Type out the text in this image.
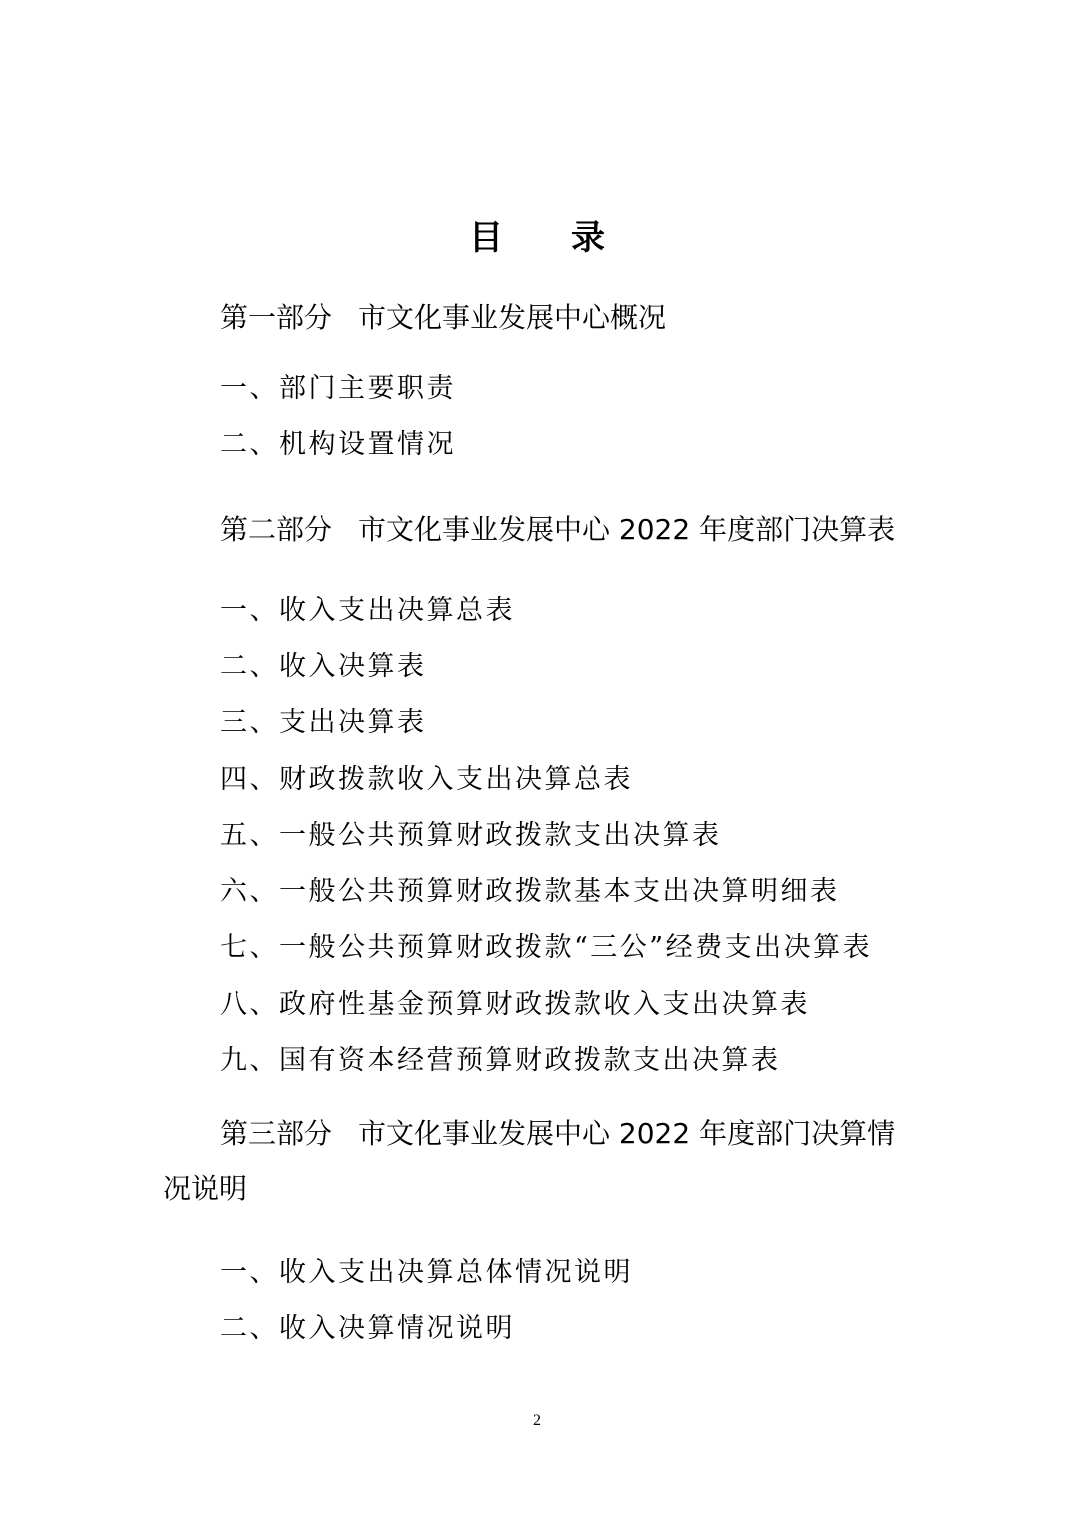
目录
第一部分 市文化事业发展中心概况
一、部门主要职责
二、机构设置情况
第二部分 市文化事业发展中心 2022 年度部门决算表
一、收入支出决算总表
二、收入决算表
三、支出决算表
四、财政拨款收入支出决算总表
五、一般公共预算财政拨款支出决算表
六、一般公共预算财政拨款基本支出决算明细表
七、一般公共预算财政拨款“三公”经费支出决算表
八、政府性基金预算财政拨款收入支出决算表
九、国有资本经营预算财政拨款支出决算表
第三部分 市文化事业发展中心 2022 年度部门决算情况说明
一、收入支出决算总体情况说明
二、收入决算情况说明
2
